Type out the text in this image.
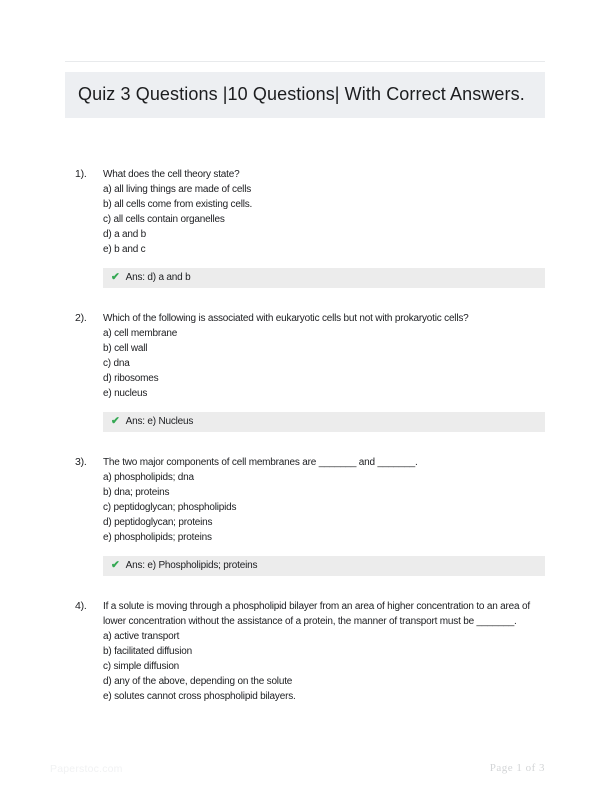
Quiz 3 Questions |10 Questions| With Correct Answers.
1).	What does the cell theory state?

a) all living things are made of cells

b) all cells come from existing cells.

c) all cells contain organelles

d) a and b

e) b and c

✔ Ans: d) a and b
2).	Which of the following is associated with eukaryotic cells but not with prokaryotic cells?

a) cell membrane

b) cell wall

c) dna

d) ribosomes

e) nucleus

✔ Ans: e) Nucleus
3).	The two major components of cell membranes are _______ and _______.

a) phospholipids; dna

b) dna; proteins

c) peptidoglycan; phospholipids

d) peptidoglycan; proteins

e) phospholipids; proteins

✔ Ans: e) Phospholipids; proteins
4).	If a solute is moving through a phospholipid bilayer from an area of higher concentration to an area of lower concentration without the assistance of a protein, the manner of transport must be _______.

a) active transport

b) facilitated diffusion

c) simple diffusion

d) any of the above, depending on the solute

e) solutes cannot cross phospholipid bilayers.

Paperstoc.com	Page 1 of 3
